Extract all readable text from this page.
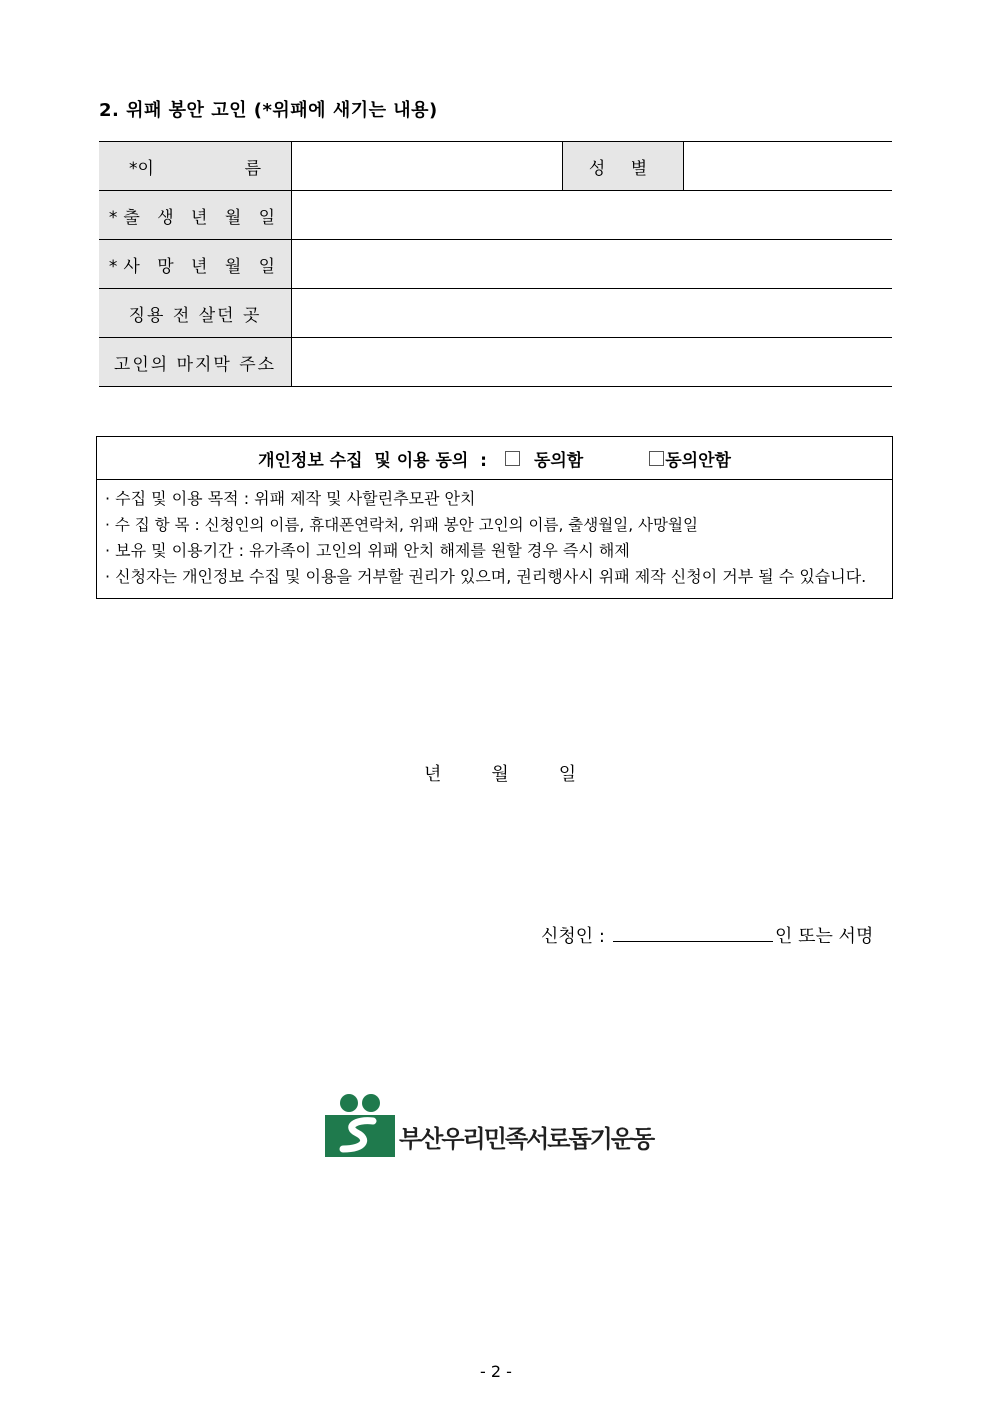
2. 위패 봉안 고인 (*위패에 새기는 내용)
*이 름		성 별	
*출 생 년 월 일			
*사 망 년 월 일			
징용 전 살던 곳			
고인의 마지막 주소			
개인정보 수집  및 이용 동의  :	동의함	동의안함
· 수집 및 이용 목적 : 위패 제작 및 사할린추모관 안치
· 수 집 항 목 : 신청인의 이름, 휴대폰연락처, 위패 봉안 고인의 이름, 출생월일, 사망월일
· 보유 및 이용기간 : 유가족이 고인의 위패 안치 해제를 원할 경우 즉시 해제
· 신청자는 개인정보 수집 및 이용을 거부할 권리가 있으며, 권리행사시 위패 제작 신청이 거부 될 수 있습니다.
년	월	일
신청인 :	인 또는 서명
부산우리민족서로돕기운동
- 2 -
